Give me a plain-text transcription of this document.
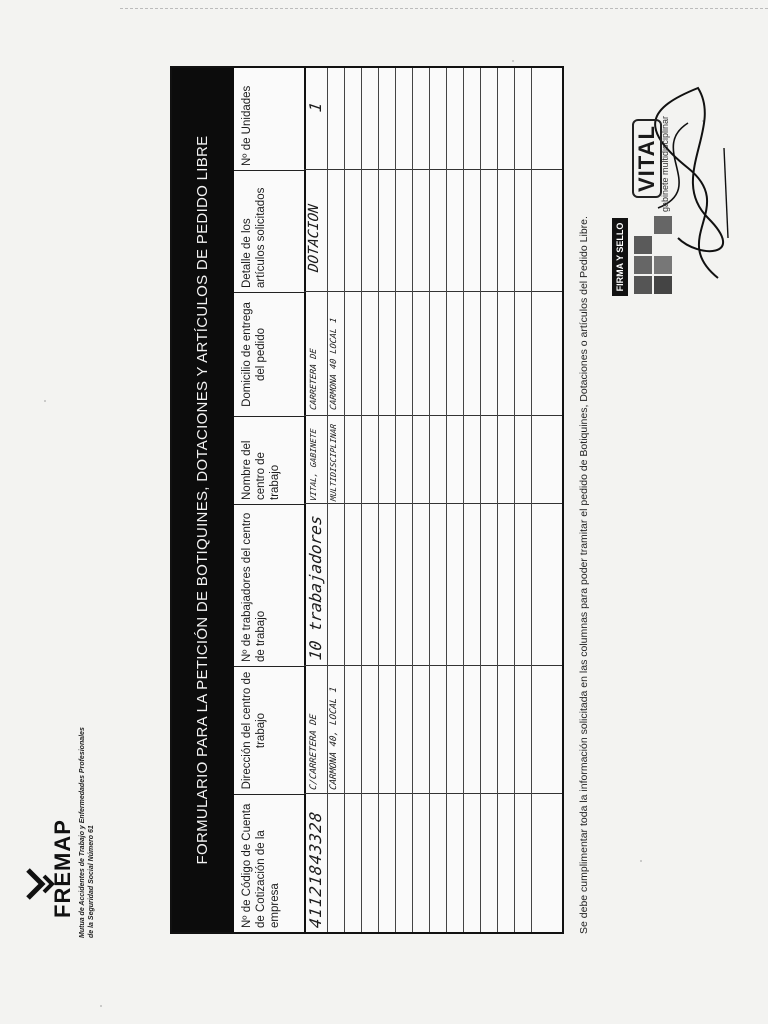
FREMAP Mutua de Accidentes de Trabajo y Enfermedades Profesionales de la Seguridad Social Número 61
FORMULARIO PARA LA PETICIÓN DE BOTIQUINES, DOTACIONES Y ARTÍCULOS DE PEDIDO LIBRE
Nº de Código de Cuenta de Cotización de la empresa
Dirección del centro de trabajo
Nº de trabajadores del centro de trabajo
Nombre del centro de trabajo
Domicilio de entrega del pedido
Detalle de los artículos solicitados
Nº de Unidades
41121843328
C/CARRETERA DE CARMONA 40, LOCAL 1
10 trabajadores
VITAL, GABINETE MULTIDISCIPLINAR
CARRETERA DE CARMONA 40 LOCAL 1
DOTACION
1
Se debe cumplimentar toda la información solicitada en las columnas para poder tramitar el pedido de Botiquines, Dotaciones o artículos del Pedido Libre.	FIRMA Y SELLO
VITAL gabinete multidisciplinar
